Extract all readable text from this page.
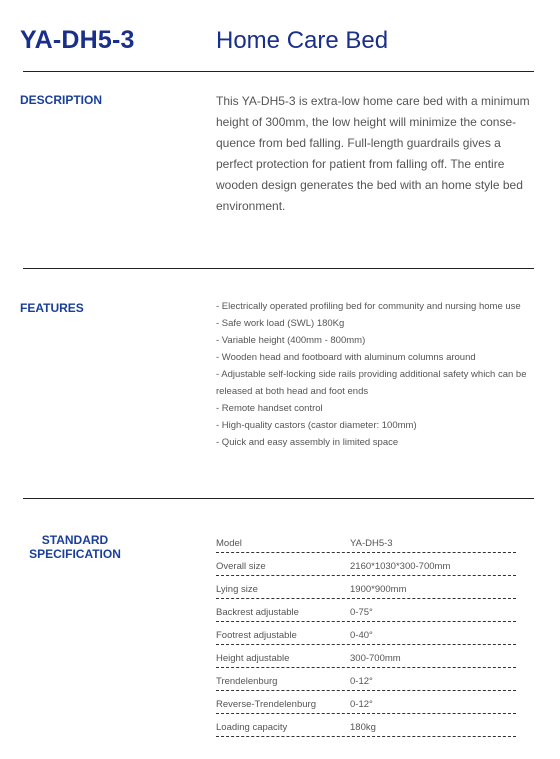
YA-DH5-3	Home Care Bed
DESCRIPTION	This YA-DH5-3 is extra-low home care bed with a minimum height of 300mm, the low height will minimize the conse-quence from bed falling. Full-length guardrails gives a perfect protection for patient from falling off. The entire wooden design generates the bed with an home style bed environment.
FEATURES	- Electrically operated profiling bed for community and nursing home use
- Safe work load (SWL) 180Kg
- Variable height (400mm - 800mm)
- Wooden head and footboard with aluminum columns around
- Adjustable self-locking side rails providing additional safety which can be released at both head and foot ends
- Remote handset control
- High-quality castors (castor diameter: 100mm)
- Quick and easy assembly in limited space
STANDARD
SPECIFICATION
Model	YA-DH5-3
Overall size	2160*1030*300-700mm
Lying size	1900*900mm
Backrest adjustable	0-75°
Footrest adjustable	0-40°
Height adjustable	300-700mm
Trendelenburg	0-12°
Reverse-Trendelenburg	0-12°
Loading capacity	180kg
